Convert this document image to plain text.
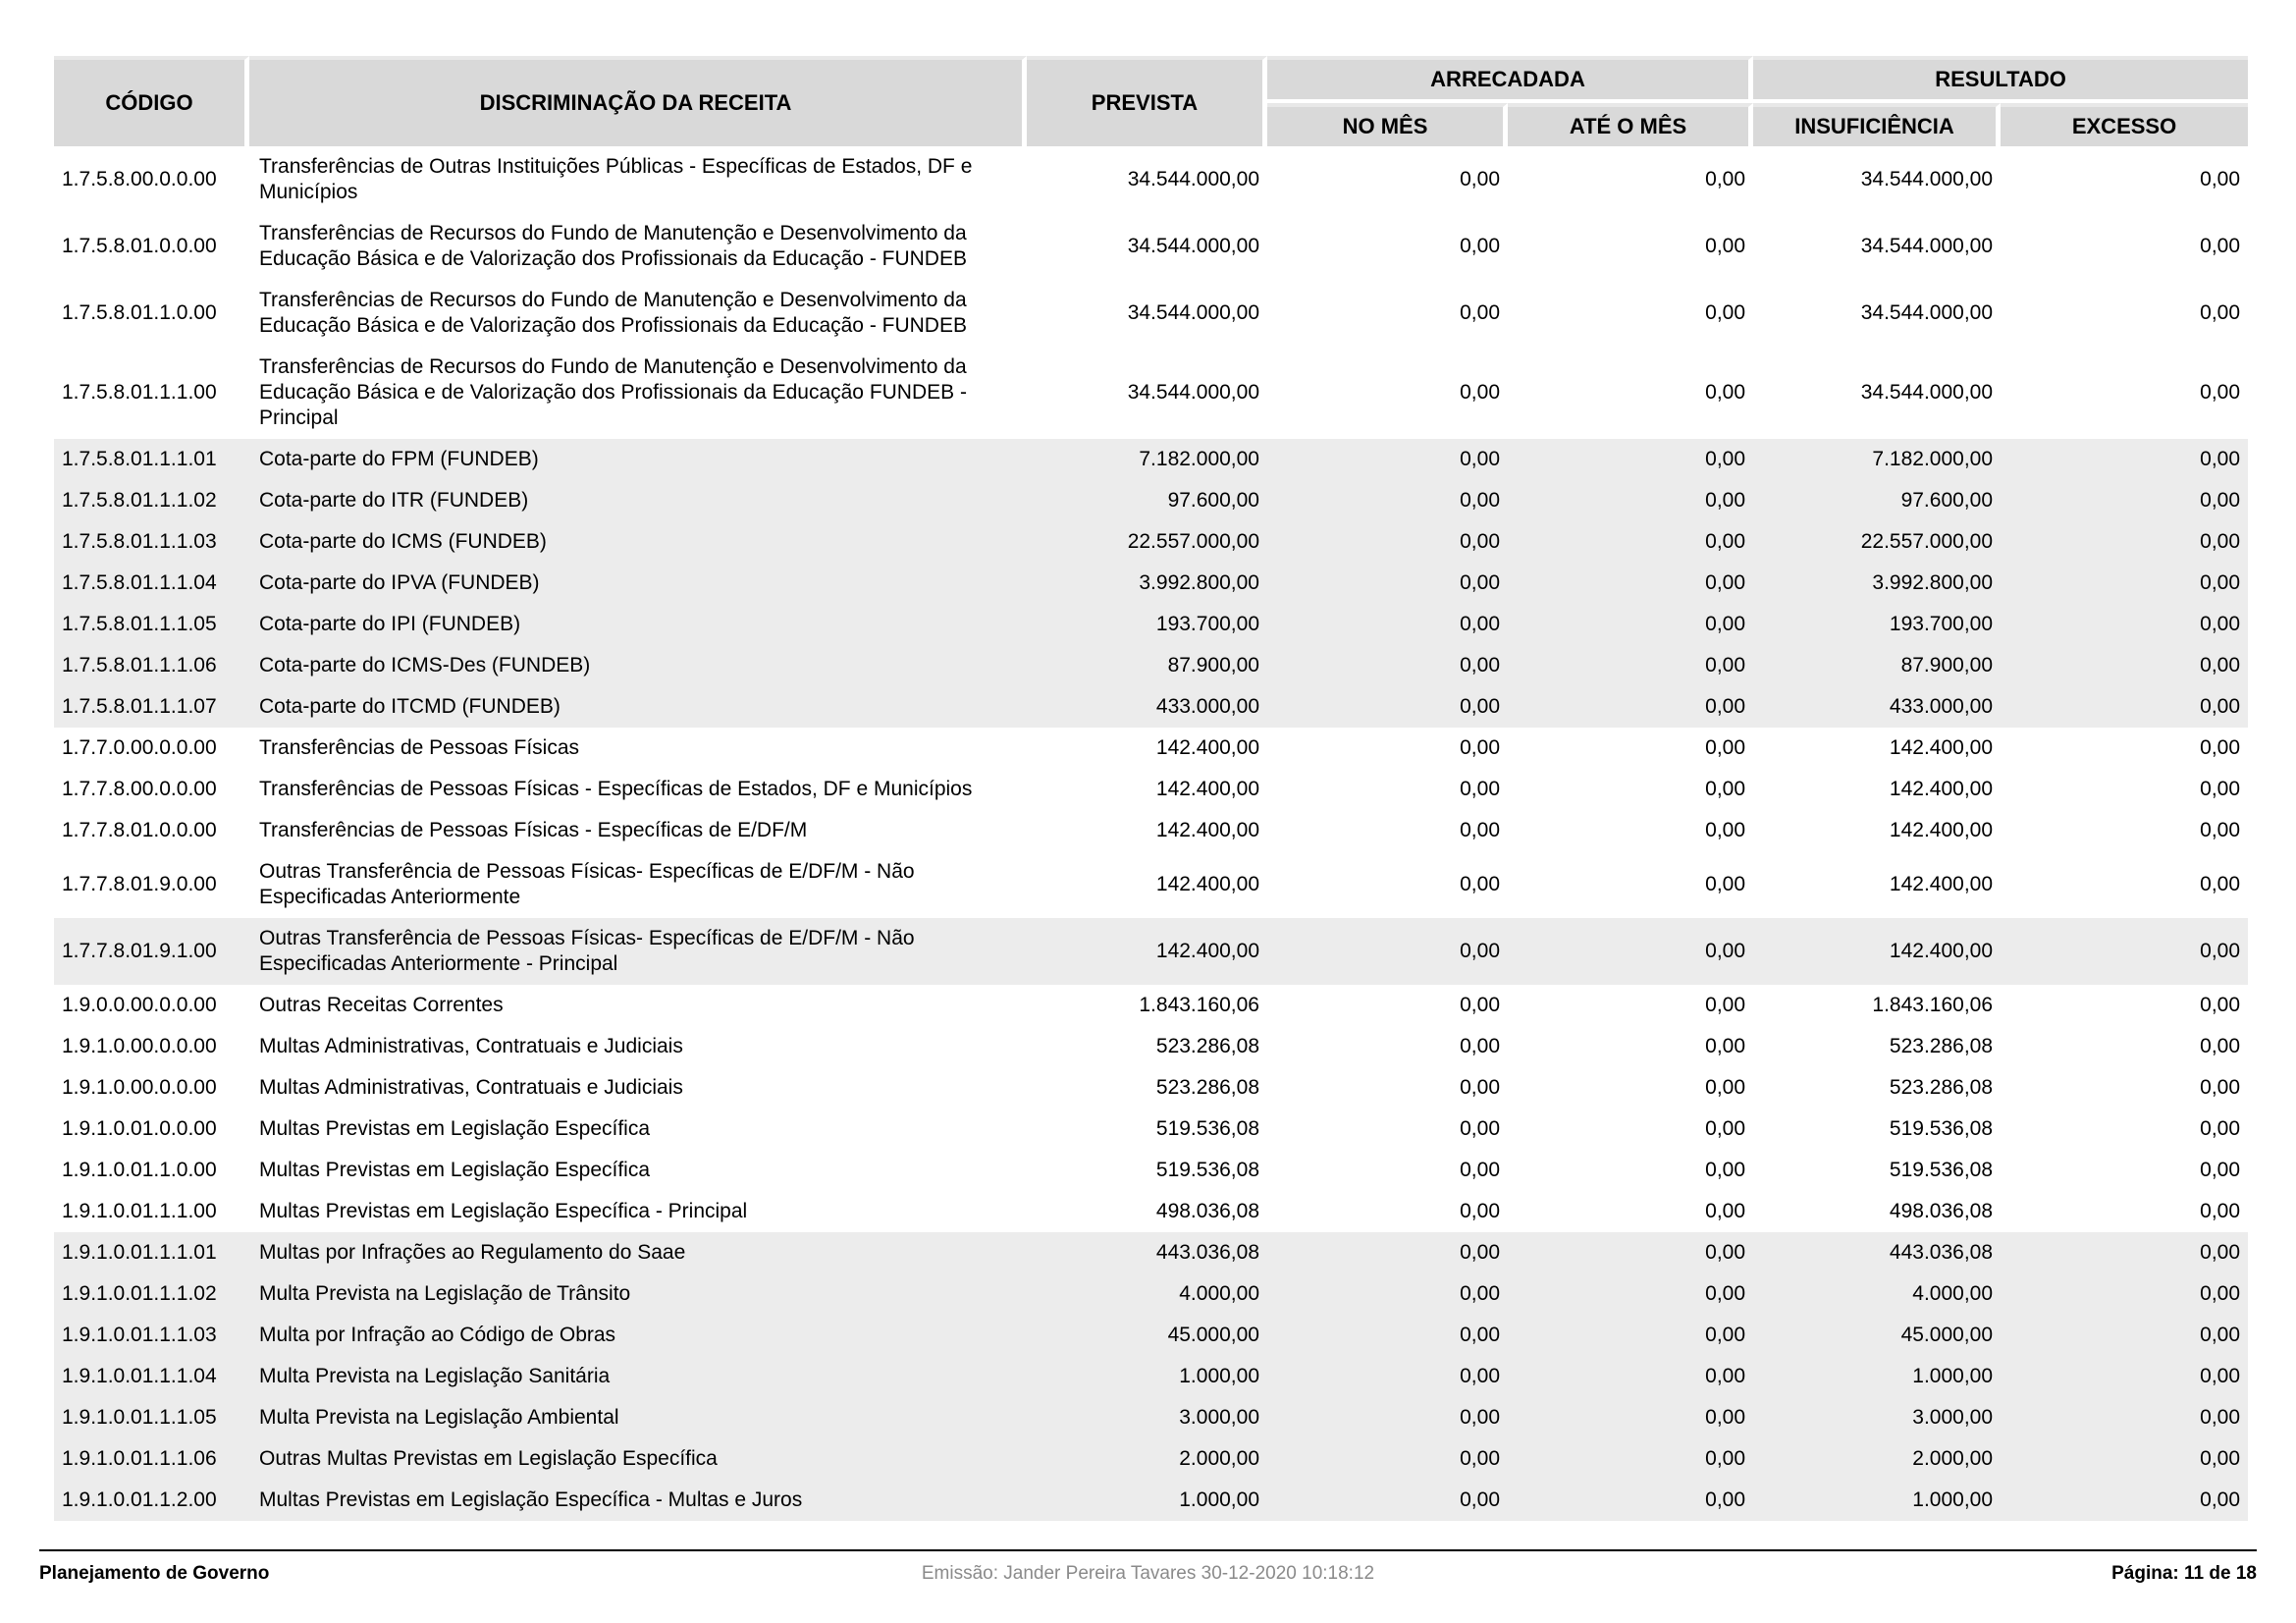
CÓDIGO	DISCRIMINAÇÃO DA RECEITA	PREVISTA	ARRECADADA		RESULTADO	
			NO MÊS	ATÉ O MÊS	INSUFICIÊNCIA	EXCESSO
1.7.5.8.00.0.0.00	Transferências de Outras Instituições Públicas - Específicas de Estados, DF e Municípios	34.544.000,00	0,00	0,00	34.544.000,00	0,00
1.7.5.8.01.0.0.00	Transferências de Recursos do Fundo de Manutenção e Desenvolvimento da Educação Básica e de Valorização dos Profissionais da Educação - FUNDEB	34.544.000,00	0,00	0,00	34.544.000,00	0,00
1.7.5.8.01.1.0.00	Transferências de Recursos do Fundo de Manutenção e Desenvolvimento da Educação Básica e de Valorização dos Profissionais da Educação - FUNDEB	34.544.000,00	0,00	0,00	34.544.000,00	0,00
1.7.5.8.01.1.1.00	Transferências de Recursos do Fundo de Manutenção e Desenvolvimento da Educação Básica e de Valorização dos Profissionais da Educação FUNDEB - Principal	34.544.000,00	0,00	0,00	34.544.000,00	0,00
1.7.5.8.01.1.1.01	Cota-parte do FPM (FUNDEB)	7.182.000,00	0,00	0,00	7.182.000,00	0,00
1.7.5.8.01.1.1.02	Cota-parte do ITR (FUNDEB)	97.600,00	0,00	0,00	97.600,00	0,00
1.7.5.8.01.1.1.03	Cota-parte do ICMS (FUNDEB)	22.557.000,00	0,00	0,00	22.557.000,00	0,00
1.7.5.8.01.1.1.04	Cota-parte do IPVA (FUNDEB)	3.992.800,00	0,00	0,00	3.992.800,00	0,00
1.7.5.8.01.1.1.05	Cota-parte do IPI (FUNDEB)	193.700,00	0,00	0,00	193.700,00	0,00
1.7.5.8.01.1.1.06	Cota-parte do ICMS-Des (FUNDEB)	87.900,00	0,00	0,00	87.900,00	0,00
1.7.5.8.01.1.1.07	Cota-parte do ITCMD (FUNDEB)	433.000,00	0,00	0,00	433.000,00	0,00
1.7.7.0.00.0.0.00	Transferências de Pessoas Físicas	142.400,00	0,00	0,00	142.400,00	0,00
1.7.7.8.00.0.0.00	Transferências de Pessoas Físicas - Específicas de Estados, DF e Municípios	142.400,00	0,00	0,00	142.400,00	0,00
1.7.7.8.01.0.0.00	Transferências de Pessoas Físicas - Específicas de E/DF/M	142.400,00	0,00	0,00	142.400,00	0,00
1.7.7.8.01.9.0.00	Outras Transferência de Pessoas Físicas- Específicas de E/DF/M - Não Especificadas Anteriormente	142.400,00	0,00	0,00	142.400,00	0,00
1.7.7.8.01.9.1.00	Outras Transferência de Pessoas Físicas- Específicas de E/DF/M - Não Especificadas Anteriormente - Principal	142.400,00	0,00	0,00	142.400,00	0,00
1.9.0.0.00.0.0.00	Outras Receitas Correntes	1.843.160,06	0,00	0,00	1.843.160,06	0,00
1.9.1.0.00.0.0.00	Multas Administrativas, Contratuais e Judiciais	523.286,08	0,00	0,00	523.286,08	0,00
1.9.1.0.00.0.0.00	Multas Administrativas, Contratuais e Judiciais	523.286,08	0,00	0,00	523.286,08	0,00
1.9.1.0.01.0.0.00	Multas Previstas em Legislação Específica	519.536,08	0,00	0,00	519.536,08	0,00
1.9.1.0.01.1.0.00	Multas Previstas em Legislação Específica	519.536,08	0,00	0,00	519.536,08	0,00
1.9.1.0.01.1.1.00	Multas Previstas em Legislação Específica - Principal	498.036,08	0,00	0,00	498.036,08	0,00
1.9.1.0.01.1.1.01	Multas por Infrações ao Regulamento do Saae	443.036,08	0,00	0,00	443.036,08	0,00
1.9.1.0.01.1.1.02	Multa Prevista na Legislação de Trânsito	4.000,00	0,00	0,00	4.000,00	0,00
1.9.1.0.01.1.1.03	Multa por Infração ao Código de Obras	45.000,00	0,00	0,00	45.000,00	0,00
1.9.1.0.01.1.1.04	Multa Prevista na Legislação Sanitária	1.000,00	0,00	0,00	1.000,00	0,00
1.9.1.0.01.1.1.05	Multa Prevista na Legislação Ambiental	3.000,00	0,00	0,00	3.000,00	0,00
1.9.1.0.01.1.1.06	Outras Multas Previstas em Legislação Específica	2.000,00	0,00	0,00	2.000,00	0,00
1.9.1.0.01.1.2.00	Multas Previstas em Legislação Específica - Multas e Juros	1.000,00	0,00	0,00	1.000,00	0,00
Planejamento de Governo	Emissão: Jander Pereira Tavares 30-12-2020 10:18:12	Página: 11 de 18
